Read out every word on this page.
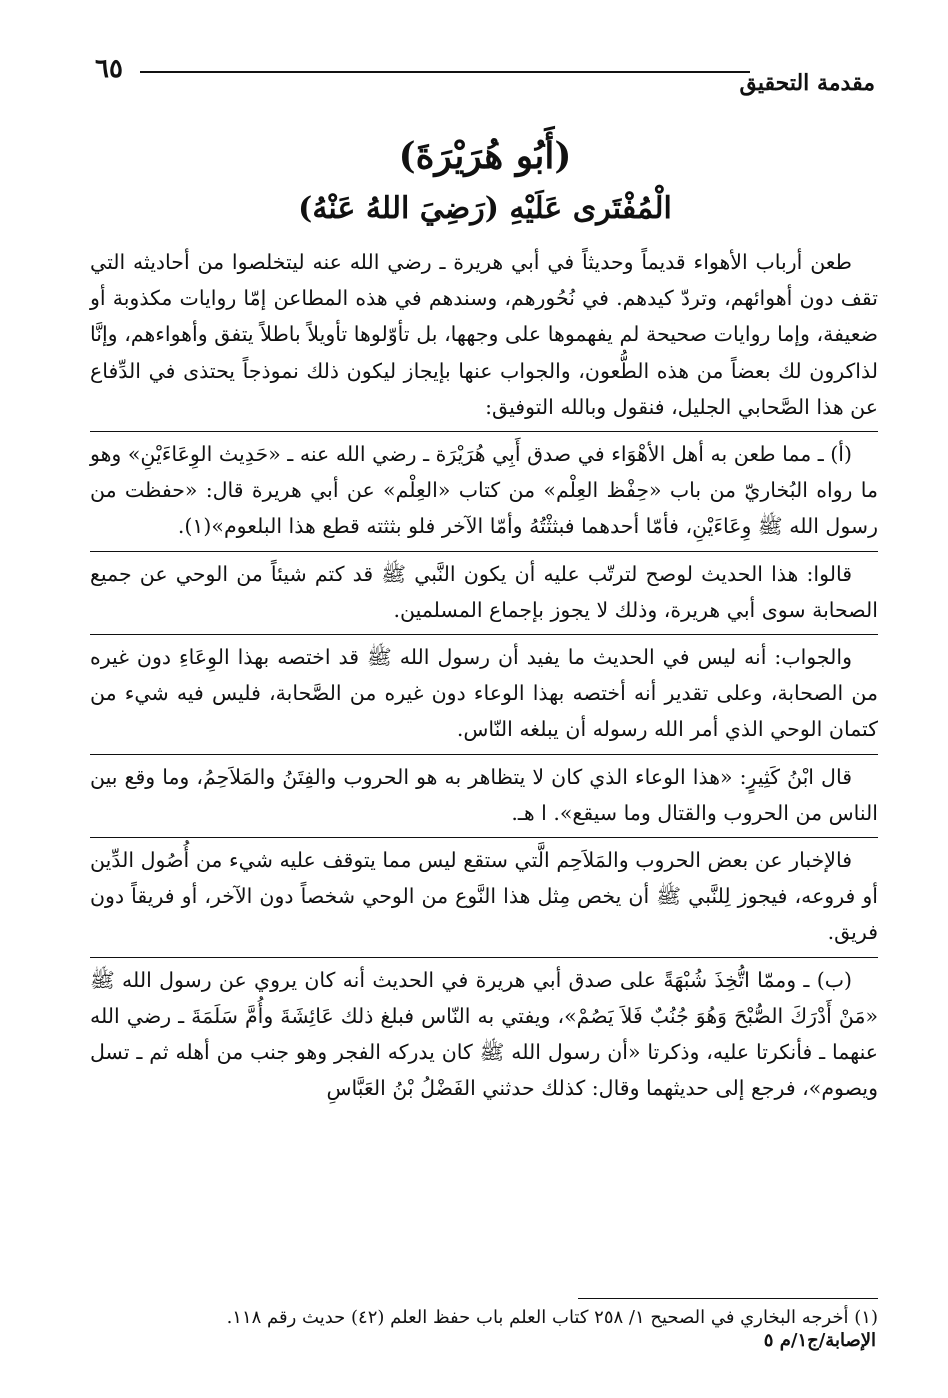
مقدمة التحقيق
٦٥
(أَبُو هُرَيْرَةَ)
الْمُفْتَرى عَلَيْهِ (رَضِيَ اللهُ عَنْهُ)

طعن أرباب الأهواء قديماً وحديثاً في أبي هريرة ـ رضي الله عنه ليتخلصوا من أحاديثه التي تقف دون أهوائهم، وتردّ كيدهم. في نُحُورهم، وسندهم في هذه المطاعن إمّا روايات مكذوبة أو ضعيفة، وإما روايات صحيحة لم يفهموها على وجهها، بل تأوّلوها تأويلاً باطلاً يتفق وأهواءهم، وإنَّا لذاكرون لك بعضاً من هذه الطُّعون، والجواب عنها بإيجاز ليكون ذلك نموذجاً يحتذى في الدِّفاع عن هذا الصَّحابي الجليل، فنقول وبالله التوفيق:

(أ) ـ مما طعن به أهل الأهْوَاء في صدق أَبِي هُرَيْرَة ـ رضي الله عنه ـ «حَدِيث الوِعَاءَيْنِ» وهو ما رواه البُخاريّ من باب «حِفْظ العِلْم» من كتاب «العِلْم» عن أبي هريرة قال: «حفظت من رسول الله ﷺ وِعَاءَيْنِ، فأمّا أحدهما فبثثْتُهُ وأمّا الآخر فلو بثثته قطع هذا البلعوم»(١).

قالوا: هذا الحديث لوصح لترتّب عليه أن يكون النَّبي ﷺ قد كتم شيئاً من الوحي عن جميع الصحابة سوى أبي هريرة، وذلك لا يجوز بإجماع المسلمين.

والجواب: أنه ليس في الحديث ما يفيد أن رسول الله ﷺ قد اختصه بهذا الوِعَاءِ دون غيره من الصحابة، وعلى تقدير أنه أختصه بهذا الوعاء دون غيره من الصَّحابة، فليس فيه شيء من كتمان الوحي الذي أمر الله رسوله أن يبلغه النّاس.

قال ابْنُ كَثِيرٍ: «هذا الوعاء الذي كان لا يتظاهر به هو الحروب والفِتَنُ والمَلاَحِمُ، وما وقع بين الناس من الحروب والقتال وما سيقع». ا هـ.

فالإخبار عن بعض الحروب والمَلاَحِم الَّتي ستقع ليس مما يتوقف عليه شيء من أُصُول الدِّين أو فروعه، فيجوز لِلنَّبي ﷺ أن يخص مِثل هذا النَّوع من الوحي شخصاً دون الآخر، أو فريقاً دون فريق.

(ب) ـ وممّا اتُّخِذَ شُبْهَةً على صدق أبي هريرة في الحديث أنه كان يروي عن رسول الله ﷺ «مَنْ أَدْرَكَ الصُّبْحَ وَهُوَ جُنُبٌ فَلاَ يَصُمْ»، ويفتي به النّاس فبلغ ذلك عَائِشَةَ وأُمَّ سَلَمَةَ ـ رضي الله عنهما ـ فأنكرتا عليه، وذكرتا «أن رسول الله ﷺ كان يدركه الفجر وهو جنب من أهله ثم ـ تسل ويصوم»، فرجع إلى حديثهما وقال: كذلك حدثني الفَضْلُ بْنُ العَبَّاسِ

(١) أخرجه البخاري في الصحيح ١/ ٢٥٨ كتاب العلم باب حفظ العلم (٤٢) حديث رقم ١١٨.
الإصابة/ج١/م ٥
